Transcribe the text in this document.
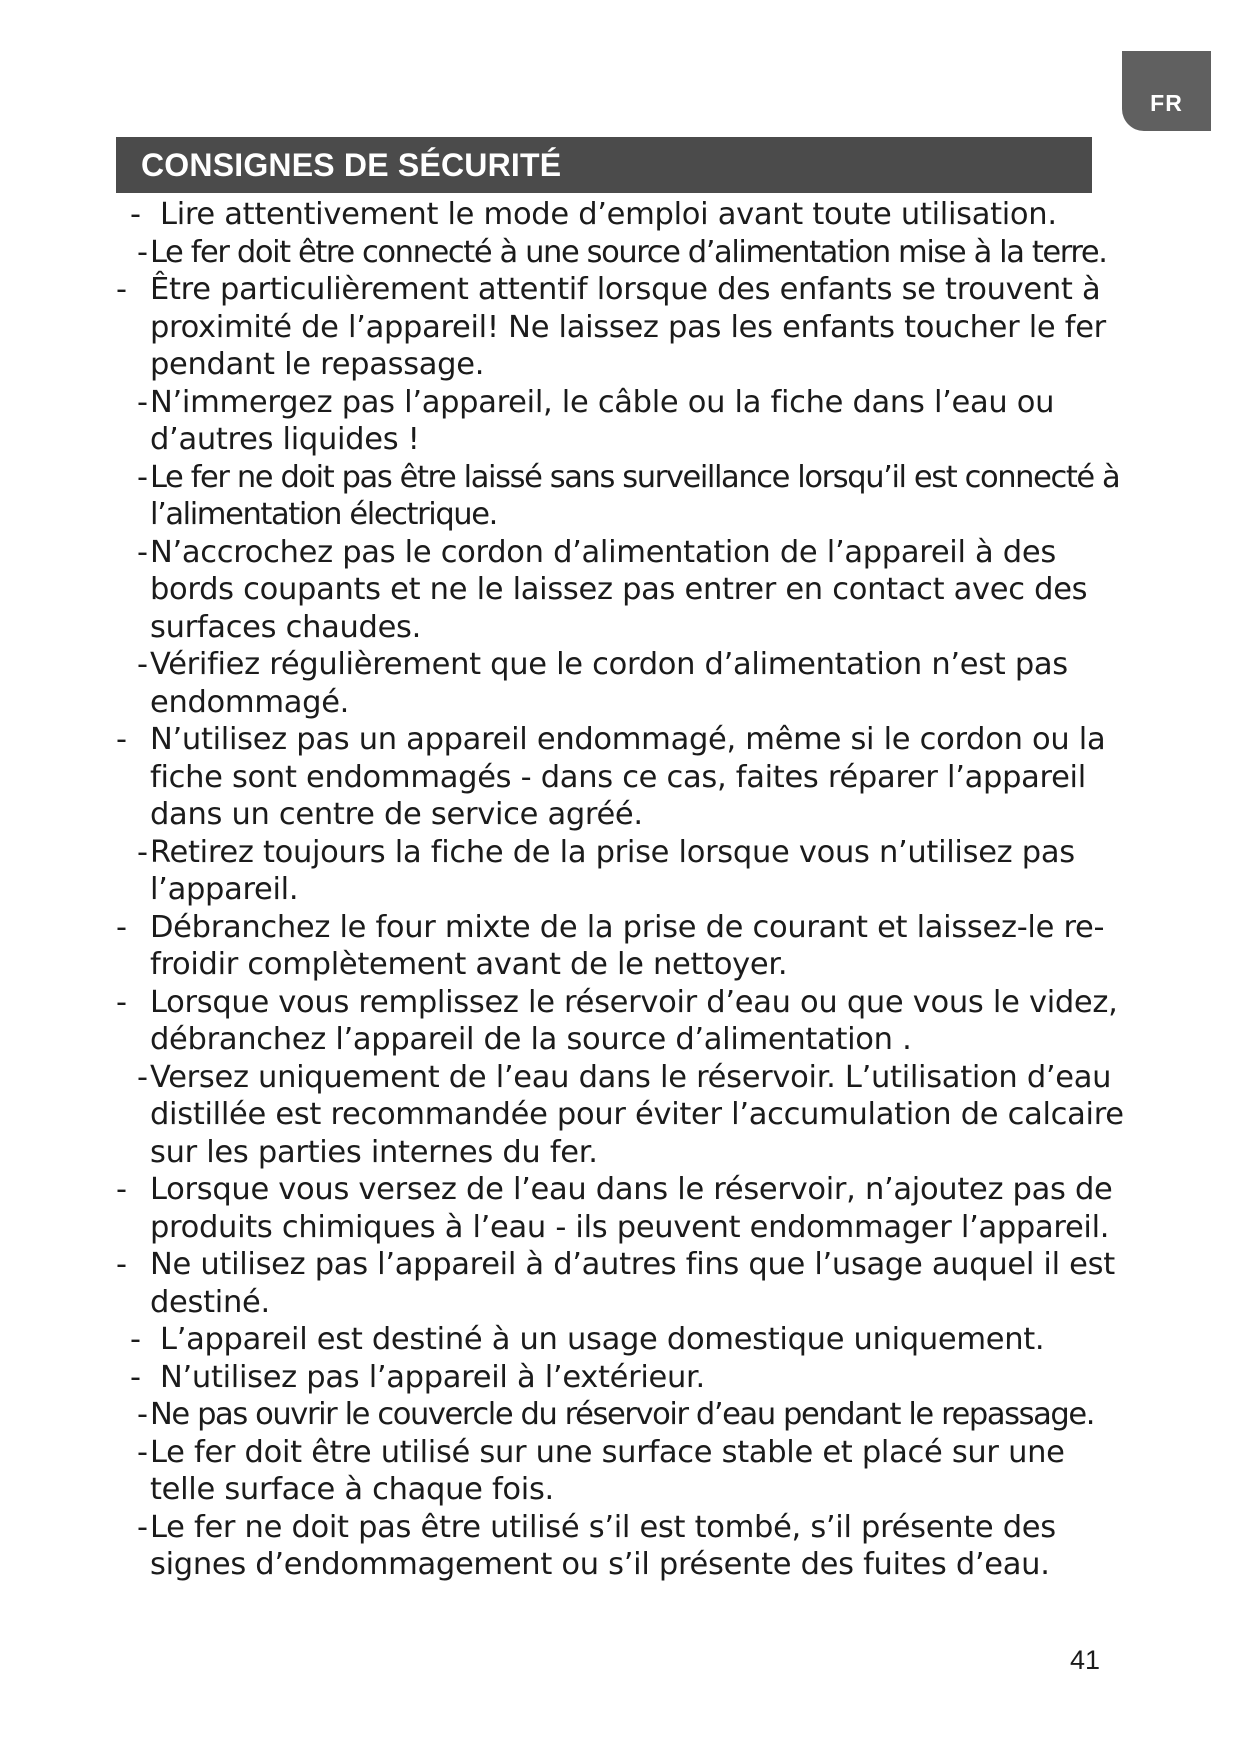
FR
CONSIGNES DE SÉCURITÉ
- Lire attentivement le mode d’emploi avant toute utilisation.
- Le fer doit être connecté à une source d’alimentation mise à la terre.
- Être particulièrement attentif lorsque des enfants se trouvent à proximité de l’appareil! Ne laissez pas les enfants toucher le fer pendant le repassage.
- N’immergez pas l’appareil, le câble ou la fiche dans l’eau ou d’autres liquides !
- Le fer ne doit pas être laissé sans surveillance lorsqu’il est connecté à l’alimentation électrique.
- N’accrochez pas le cordon d’alimentation de l’appareil à des bords coupants et ne le laissez pas entrer en contact avec des surfaces chaudes.
- Vérifiez régulièrement que le cordon d’alimentation n’est pas endommagé.
- N’utilisez pas un appareil endommagé, même si le cordon ou la fiche sont endommagés - dans ce cas, faites réparer l’appareil dans un centre de service agréé.
- Retirez toujours la fiche de la prise lorsque vous n’utilisez pas l’appareil.
- Débranchez le four mixte de la prise de courant et laissez-le re-froidir complètement avant de le nettoyer.
- Lorsque vous remplissez le réservoir d’eau ou que vous le videz, débranchez l’appareil de la source d’alimentation .
- Versez uniquement de l’eau dans le réservoir. L’utilisation d’eau distillée est recommandée pour éviter l’accumulation de calcaire sur les parties internes du fer.
- Lorsque vous versez de l’eau dans le réservoir, n’ajoutez pas de produits chimiques à l’eau - ils peuvent endommager l’appareil.
- Ne utilisez pas l’appareil à d’autres fins que l’usage auquel il est destiné.
- L’appareil est destiné à un usage domestique uniquement.
- N’utilisez pas l’appareil à l’extérieur.
- Ne pas ouvrir le couvercle du réservoir d’eau pendant le repassage.
- Le fer doit être utilisé sur une surface stable et placé sur une telle surface à chaque fois.
- Le fer ne doit pas être utilisé s’il est tombé, s’il présente des signes d’endommagement ou s’il présente des fuites d’eau.
41
